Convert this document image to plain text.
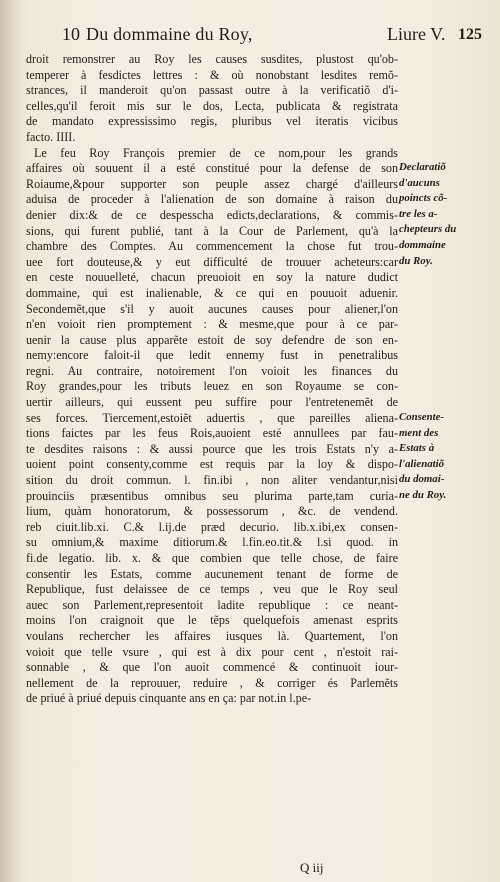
10 Du dommaine du Roy,	Liure V. 125
droit remonstrer au Roy les causes susdites, plustost qu'ob-
temperer à fesdictes lettres : & où nonobstant lesdites remõ-
strances, il manderoit qu'on passast outre à la verificatiõ d'i-
celles,qu'il feroit mis sur le dos, Lecta, publicata & registrata
de mandato expressissimo regis, pluribus vel iteratis vicibus
facto. IIII.
Le feu Roy François premier de ce nom,pour les grands
affaires où souuent il a esté constitué pour la defense de son
Roiaume,&pour supporter son peuple assez chargé d'ailleurs
aduisa de proceder à l'alienation de son domaine à raison du
denier dix:& de ce despesscha edicts,declarations, & commis-
sions, qui furent publié, tant à la Cour de Parlement, qu'à la
chambre des Comptes. Au commencement la chose fut trou-
uee fort douteuse,& y eut difficulté de trouuer acheteurs:car
en ceste nouuelleté, chacun preuoioit en soy la nature dudict
dommaine, qui est inalienable, & ce qui en pouuoit aduenir.
Secondemẽt,que s'il y auoit aucunes causes pour aliener,l'on
n'en voioit rien promptement : & mesme,que pour à ce par-
uenir la cause plus apparẽte estoit de soy defendre de son en-
nemy:encore faloit-il que ledit ennemy fust in penetralibus
regni. Au contraire, notoirement l'on voioit les finances du
Roy grandes,pour les tributs leuez en son Royaume se con-
uertir ailleurs, qui eussent peu suffire pour l'entretenemẽt de
ses forces. Tiercement,estoiẽt aduertis , que pareilles aliena-
tions faictes par les feus Rois,auoient esté annullees par fau-
te desdites raisons : & aussi pource que les trois Estats n'y a-
uoient point consenty,comme est requis par la loy & dispo-
sition du droit commun. l. fin.ibi , non aliter vendantur,nisi
prouinciis præsentibus omnibus seu plurima parte,tam curia-
lium, quàm honoratorum, & possessorum , &c. de vendend.
reb ciuit.lib.xi. C.& l.ij.de præd decurio. lib.x.ibi,ex consen-
su omnium,& maxime ditiorum.& l.fin.eo.tit.& l.si quod. in
fi.de legatio. lib. x. & que combien que telle chose, de faire
consentir les Estats, comme aucunement tenant de forme de
Republique, fust delaissee de ce temps , veu que le Roy seul
auec son Parlement,representoit ladite republique : ce neant-
moins l'on craignoit que le tẽps quelquefois amenast esprits
voulans rechercher les affaires iusques là. Quartement, l'on
voioit que telle vsure , qui est à dix pour cent , n'estoit rai-
sonnable , & que l'on auoit commencé & continuoit iour-
nellement de la reprouuer, reduire , & corriger és Parlemẽts
de priué à priué depuis cinquante ans en ça: par not.in l.pe-
Declaratiõ
d'aucuns
poincts cõ-
tre les a-
chepteurs du
dommaine
du Roy.
Consente-
ment des
Estats à
l'alienatiõ
du domai-
ne du Roy.
Q iij
